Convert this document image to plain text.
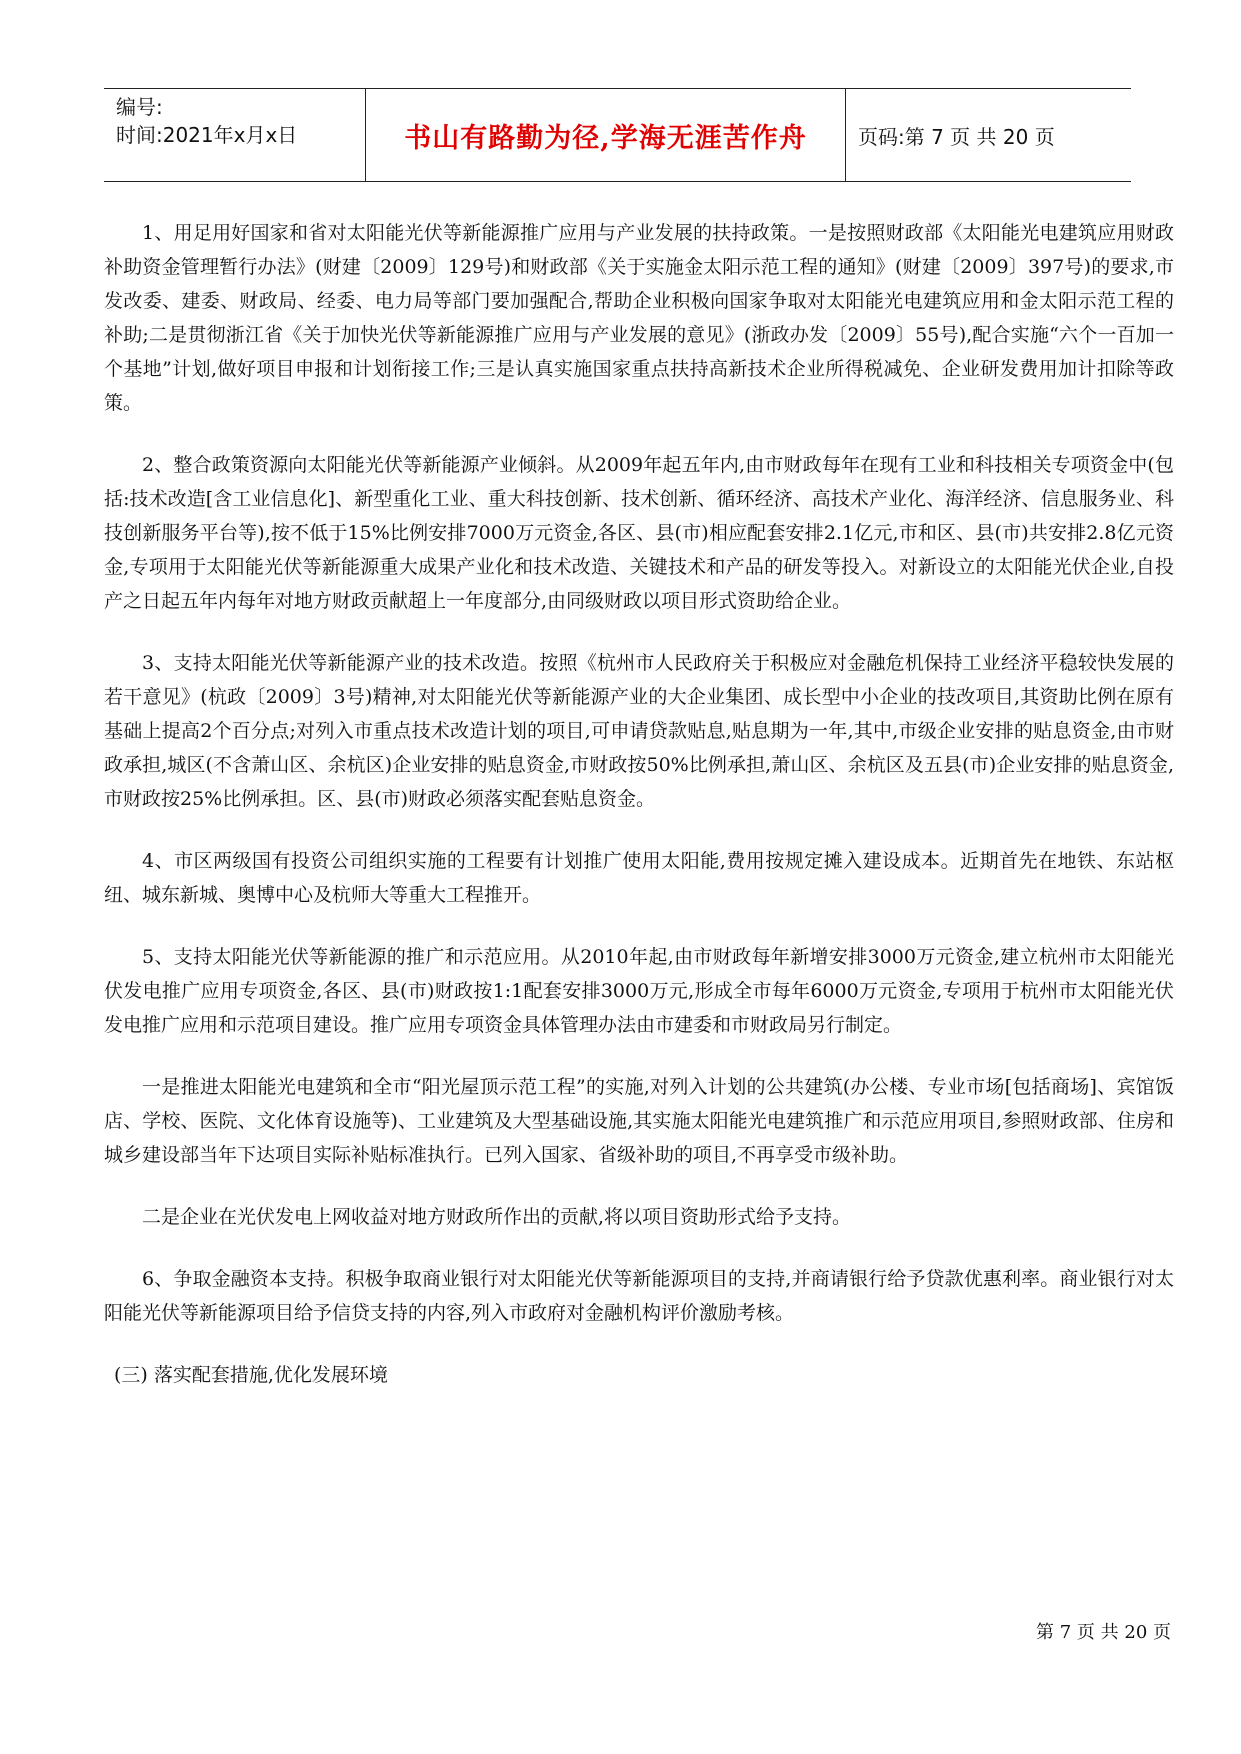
编号:
时间:2021年x月x日	书山有路勤为径,学海无涯苦作舟	页码:第 7 页 共 20 页

1、用足用好国家和省对太阳能光伏等新能源推广应用与产业发展的扶持政策。一是按照财政部《太阳能光电建筑应用财政补助资金管理暂行办法》(财建〔2009〕129号)和财政部《关于实施金太阳示范工程的通知》(财建〔2009〕397号)的要求,市发改委、建委、财政局、经委、电力局等部门要加强配合,帮助企业积极向国家争取对太阳能光电建筑应用和金太阳示范工程的补助;二是贯彻浙江省《关于加快光伏等新能源推广应用与产业发展的意见》(浙政办发〔2009〕55号),配合实施“六个一百加一个基地”计划,做好项目申报和计划衔接工作;三是认真实施国家重点扶持高新技术企业所得税减免、企业研发费用加计扣除等政策。

2、整合政策资源向太阳能光伏等新能源产业倾斜。从2009年起五年内,由市财政每年在现有工业和科技相关专项资金中(包括:技术改造[含工业信息化]、新型重化工业、重大科技创新、技术创新、循环经济、高技术产业化、海洋经济、信息服务业、科技创新服务平台等),按不低于15%比例安排7000万元资金,各区、县(市)相应配套安排2.1亿元,市和区、县(市)共安排2.8亿元资金,专项用于太阳能光伏等新能源重大成果产业化和技术改造、关键技术和产品的研发等投入。对新设立的太阳能光伏企业,自投产之日起五年内每年对地方财政贡献超上一年度部分,由同级财政以项目形式资助给企业。

3、支持太阳能光伏等新能源产业的技术改造。按照《杭州市人民政府关于积极应对金融危机保持工业经济平稳较快发展的若干意见》(杭政〔2009〕3号)精神,对太阳能光伏等新能源产业的大企业集团、成长型中小企业的技改项目,其资助比例在原有基础上提高2个百分点;对列入市重点技术改造计划的项目,可申请贷款贴息,贴息期为一年,其中,市级企业安排的贴息资金,由市财政承担,城区(不含萧山区、余杭区)企业安排的贴息资金,市财政按50%比例承担,萧山区、余杭区及五县(市)企业安排的贴息资金,市财政按25%比例承担。区、县(市)财政必须落实配套贴息资金。

4、市区两级国有投资公司组织实施的工程要有计划推广使用太阳能,费用按规定摊入建设成本。近期首先在地铁、东站枢纽、城东新城、奥博中心及杭师大等重大工程推开。

5、支持太阳能光伏等新能源的推广和示范应用。从2010年起,由市财政每年新增安排3000万元资金,建立杭州市太阳能光伏发电推广应用专项资金,各区、县(市)财政按1:1配套安排3000万元,形成全市每年6000万元资金,专项用于杭州市太阳能光伏发电推广应用和示范项目建设。推广应用专项资金具体管理办法由市建委和市财政局另行制定。

一是推进太阳能光电建筑和全市“阳光屋顶示范工程”的实施,对列入计划的公共建筑(办公楼、专业市场[包括商场]、宾馆饭店、学校、医院、文化体育设施等)、工业建筑及大型基础设施,其实施太阳能光电建筑推广和示范应用项目,参照财政部、住房和城乡建设部当年下达项目实际补贴标准执行。已列入国家、省级补助的项目,不再享受市级补助。

二是企业在光伏发电上网收益对地方财政所作出的贡献,将以项目资助形式给予支持。

6、争取金融资本支持。积极争取商业银行对太阳能光伏等新能源项目的支持,并商请银行给予贷款优惠利率。商业银行对太阳能光伏等新能源项目给予信贷支持的内容,列入市政府对金融机构评价激励考核。

(三) 落实配套措施,优化发展环境

第 7 页 共 20 页
